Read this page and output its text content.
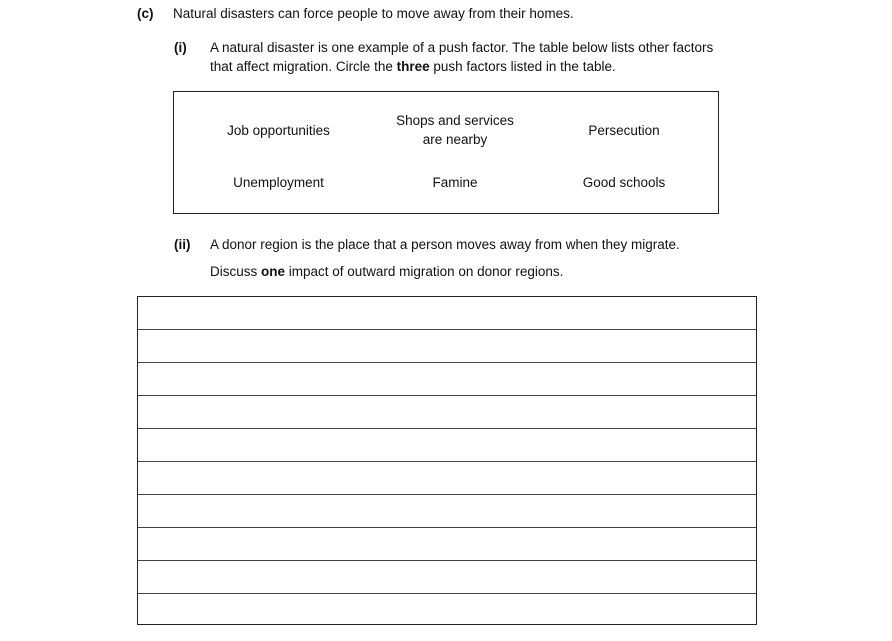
(c) Natural disasters can force people to move away from their homes.
(i) A natural disaster is one example of a push factor. The table below lists other factors
that affect migration. Circle the three push factors listed in the table.
Job opportunities
Shops and services
are nearby
Persecution
Unemployment	Famine	Good schools
(ii) A donor region is the place that a person moves away from when they migrate.
Discuss one impact of outward migration on donor regions.
